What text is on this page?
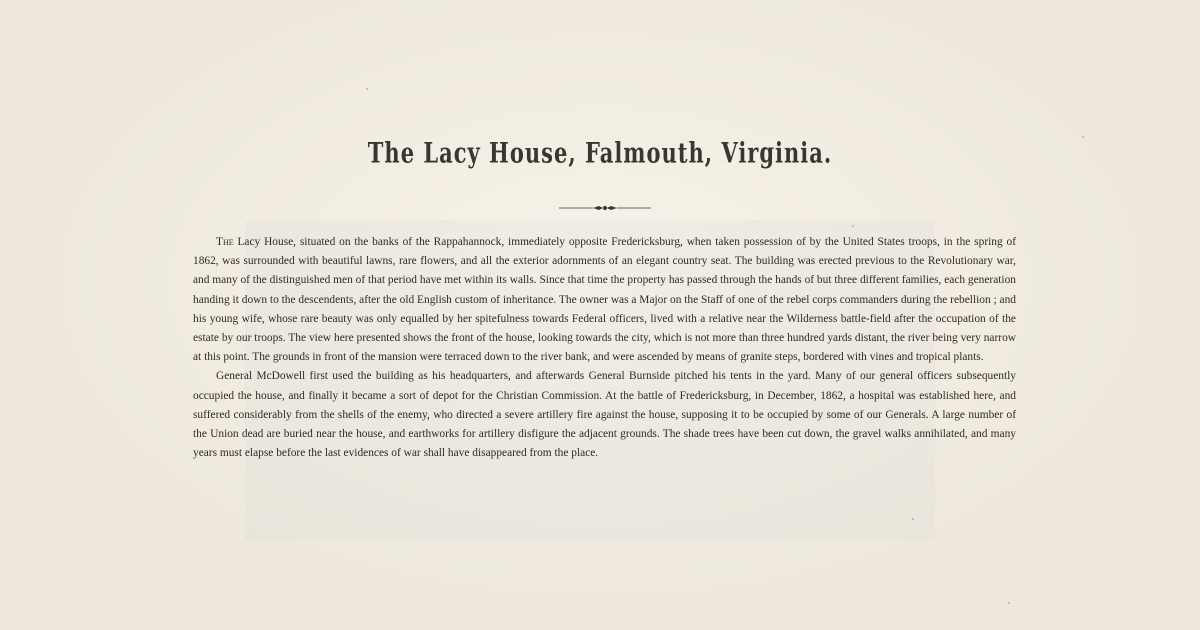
The Lacy House, Falmouth, Virginia.

The Lacy House, situated on the banks of the Rappahannock, immediately opposite Fredericksburg, when taken possession of by the United States troops, in the spring of 1862, was surrounded with beautiful lawns, rare flowers, and all the exterior adornments of an elegant country seat. The building was erected previous to the Revolutionary war, and many of the distinguished men of that period have met within its walls. Since that time the property has passed through the hands of but three different families, each generation handing it down to the descendents, after the old English custom of inheritance. The owner was a Major on the Staff of one of the rebel corps commanders during the rebellion ; and his young wife, whose rare beauty was only equalled by her spitefulness towards Federal officers, lived with a relative near the Wilderness battle-field after the occupation of the estate by our troops. The view here presented shows the front of the house, looking towards the city, which is not more than three hundred yards distant, the river being very narrow at this point. The grounds in front of the mansion were terraced down to the river bank, and were ascended by means of granite steps, bordered with vines and tropical plants.

General McDowell first used the building as his headquarters, and afterwards General Burnside pitched his tents in the yard. Many of our general officers subsequently occupied the house, and finally it became a sort of depot for the Christian Commission. At the battle of Fredericksburg, in December, 1862, a hospital was established here, and suffered considerably from the shells of the enemy, who directed a severe artillery fire against the house, supposing it to be occupied by some of our Generals. A large number of the Union dead are buried near the house, and earthworks for artillery disfigure the adjacent grounds. The shade trees have been cut down, the gravel walks annihilated, and many years must elapse before the last evidences of war shall have disappeared from the place.
